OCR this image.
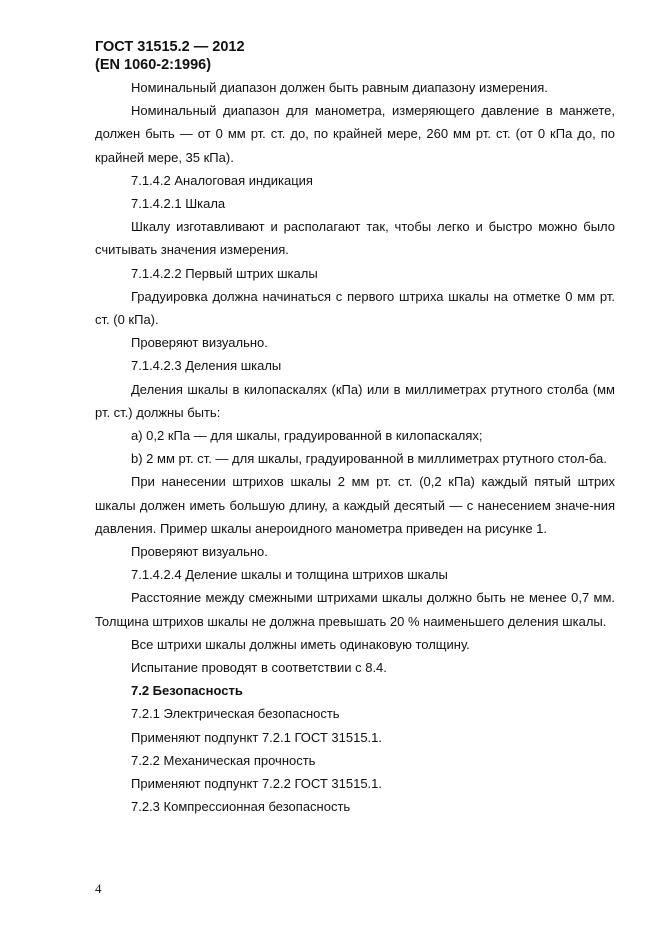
ГОСТ 31515.2 — 2012
(EN 1060-2:1996)

Номинальный диапазон должен быть равным диапазону измерения.

Номинальный диапазон для манометра, измеряющего давление в манжете, должен быть — от 0 мм рт. ст. до, по крайней мере, 260 мм рт. ст. (от 0 кПа до, по крайней мере, 35 кПа).

7.1.4.2 Аналоговая индикация

7.1.4.2.1 Шкала

Шкалу изготавливают и располагают так, чтобы легко и быстро можно было считывать значения измерения.

7.1.4.2.2 Первый штрих шкалы

Градуировка должна начинаться с первого штриха шкалы на отметке 0 мм рт. ст. (0 кПа).

Проверяют визуально.

7.1.4.2.3 Деления шкалы

Деления шкалы в килопаскалях (кПа) или в миллиметрах ртутного столба (мм рт. ст.) должны быть:

a) 0,2 кПа — для шкалы, градуированной в килопаскалях;

b) 2 мм рт. ст. — для шкалы, градуированной в миллиметрах ртутного стол-ба.

При нанесении штрихов шкалы 2 мм рт. ст. (0,2 кПа) каждый пятый штрих шкалы должен иметь большую длину, а каждый десятый — с нанесением значе-ния давления. Пример шкалы анероидного манометра приведен на рисунке 1.

Проверяют визуально.

7.1.4.2.4 Деление шкалы и толщина штрихов шкалы

Расстояние между смежными штрихами шкалы должно быть не менее 0,7 мм. Толщина штрихов шкалы не должна превышать 20 % наименьшего деления шкалы.

Все штрихи шкалы должны иметь одинаковую толщину.

Испытание проводят в соответствии с 8.4.

7.2 Безопасность

7.2.1 Электрическая безопасность

Применяют подпункт 7.2.1 ГОСТ 31515.1.

7.2.2 Механическая прочность

Применяют подпункт 7.2.2 ГОСТ 31515.1.

7.2.3 Компрессионная безопасность

4
